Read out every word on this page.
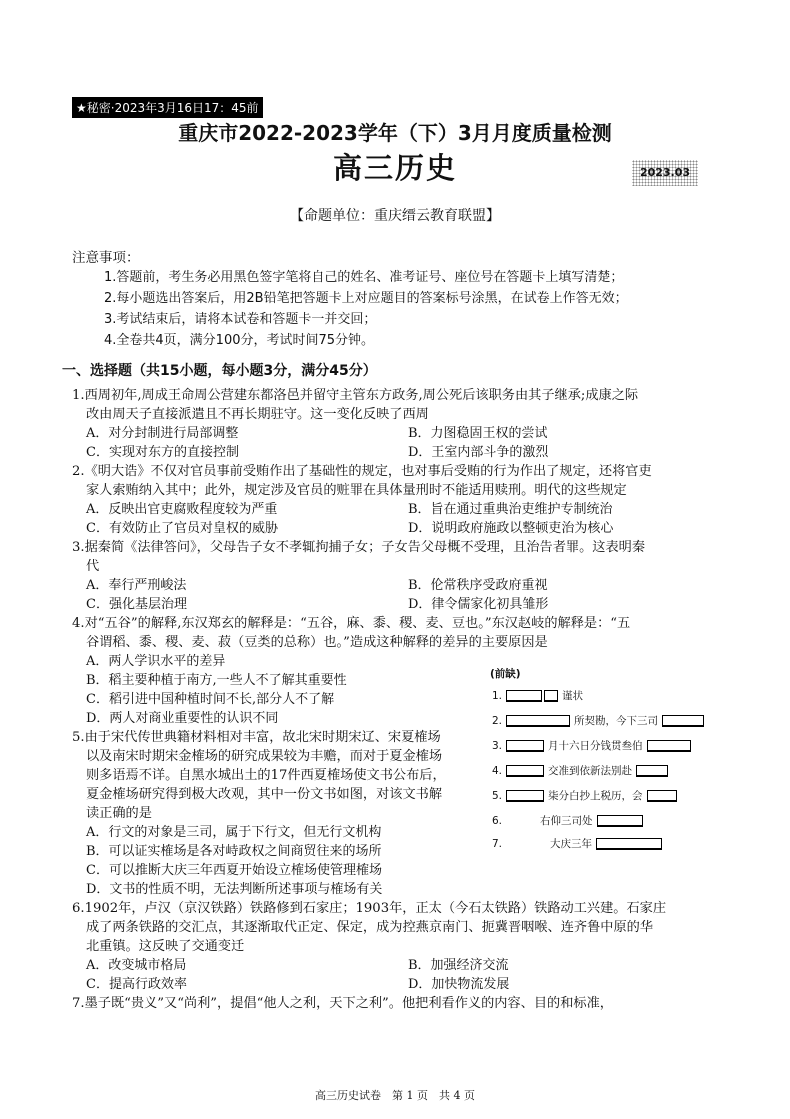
★秘密·2023年3月16日17：45前
重庆市2022-2023学年（下）3月月度质量检测
高三历史	2023.03
【命题单位：重庆缙云教育联盟】
注意事项：
1.答题前，考生务必用黑色签字笔将自己的姓名、准考证号、座位号在答题卡上填写清楚；
2.每小题选出答案后，用2B铅笔把答题卡上对应题目的答案标号涂黑，在试卷上作答无效；
3.考试结束后，请将本试卷和答题卡一并交回；
4.全卷共4页，满分100分，考试时间75分钟。
一、选择题（共15小题，每小题3分，满分45分）
1.西周初年,周成王命周公营建东都洛邑并留守主管东方政务,周公死后该职务由其子继承;成康之际
改由周天子直接派遣且不再长期驻守。这一变化反映了西周
A．对分封制进行局部调整	B．力图稳固王权的尝试
C．实现对东方的直接控制	D．王室内部斗争的激烈
2.《明大诰》不仅对官员事前受贿作出了基础性的规定，也对事后受贿的行为作出了规定，还将官吏
家人索贿纳入其中；此外，规定涉及官员的赃罪在具体量刑时不能适用赎刑。明代的这些规定
A．反映出官吏腐败程度较为严重	B．旨在通过重典治吏维护专制统治
C．有效防止了官员对皇权的威胁	D．说明政府施政以整顿吏治为核心
3.据秦简《法律答问》，父母告子女不孝辄拘捕子女；子女告父母概不受理，且治告者罪。这表明秦
代
A．奉行严刑峻法	B．伦常秩序受政府重视
C．强化基层治理	D．律令儒家化初具雏形
4.对“五谷”的解释,东汉郑玄的解释是：“五谷，麻、黍、稷、麦、豆也。”东汉赵岐的解释是：“五
谷谓稻、黍、稷、麦、菽（豆类的总称）也。”造成这种解释的差异的主要原因是
A．两人学识水平的差异
B．稻主要种植于南方,一些人不了解其重要性
C．稻引进中国种植时间不长,部分人不了解
D．两人对商业重要性的认识不同
5.由于宋代传世典籍材料相对丰富，故北宋时期宋辽、宋夏榷场
以及南宋时期宋金榷场的研究成果较为丰赡，而对于夏金榷场
则多语焉不详。自黑水城出土的17件西夏榷场使文书公布后，
夏金榷场研究得到极大改观，其中一份文书如图，对该文书解
读正确的是
A．行文的对象是三司，属于下行文，但无行文机构
B．可以证实榷场是各对峙政权之间商贸往来的场所
C．可以推断大庆三年西夏开始设立榷场使管理榷场
D．文书的性质不明，无法判断所述事项与榷场有关
(前缺)
1.	谨状
2.	所契勘，今下三司
3.	月十六日分钱贯叁伯
4.	交准到依新法别赴
5.	柒分白抄上税历，会
6.	右仰三司处
7.	大庆三年
6.1902年，卢汉（京汉铁路）铁路修到石家庄；1903年，正太（今石太铁路）铁路动工兴建。石家庄
成了两条铁路的交汇点，其逐渐取代正定、保定，成为控燕京南门、扼冀晋咽喉、连齐鲁中原的华
北重镇。这反映了交通变迁
A．改变城市格局	B．加强经济交流
C．提高行政效率	D．加快物流发展
7.墨子既“贵义”又“尚利”，提倡“他人之利，天下之利”。他把利看作义的内容、目的和标准，
高三历史试卷　第 1 页　共 4 页
